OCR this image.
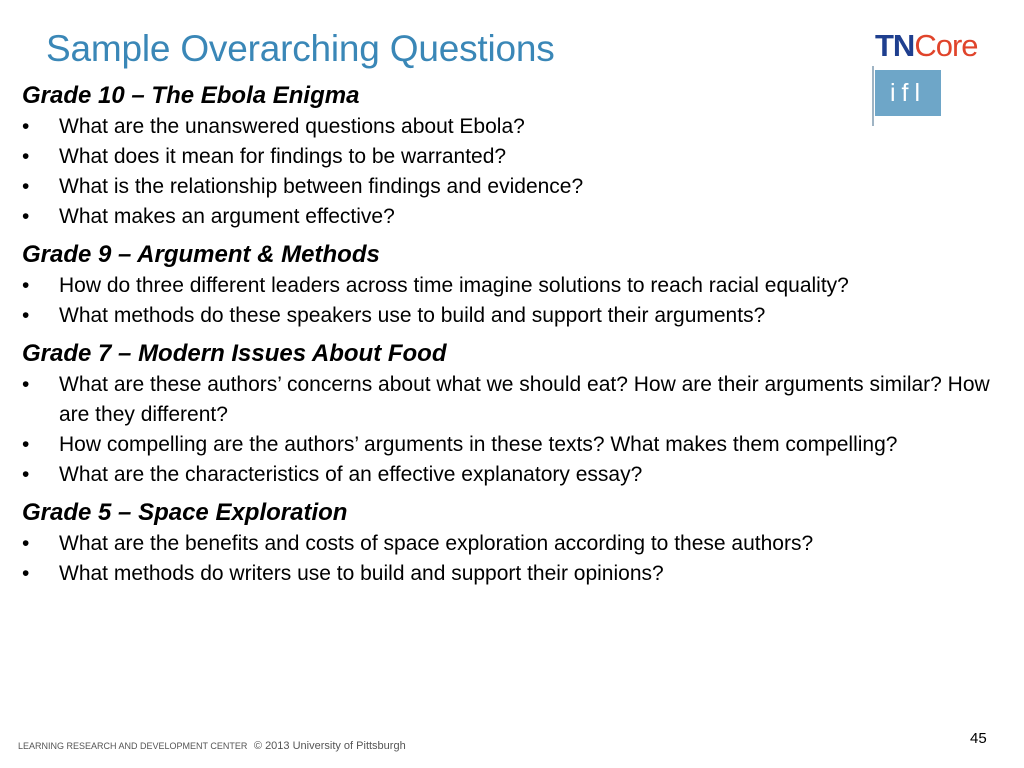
Sample Overarching Questions	TNCore
ifl
Grade 10 – The Ebola Enigma
• What are the unanswered questions about Ebola?
• What does it mean for findings to be warranted?
• What is the relationship between findings and evidence?
• What makes an argument effective?
Grade 9 – Argument & Methods
• How do three different leaders across time imagine solutions to reach racial equality?
• What methods do these speakers use to build and support their arguments?
Grade 7 – Modern Issues About Food
• What are these authors’ concerns about what we should eat? How are their arguments similar? How are they different?
• How compelling are the authors’ arguments in these texts? What makes them compelling?
• What are the characteristics of an effective explanatory essay?
Grade 5 – Space Exploration
• What are the benefits and costs of space exploration according to these authors?
• What methods do writers use to build and support their opinions?
LEARNING RESEARCH AND DEVELOPMENT CENTER © 2013 University of Pittsburgh	45
